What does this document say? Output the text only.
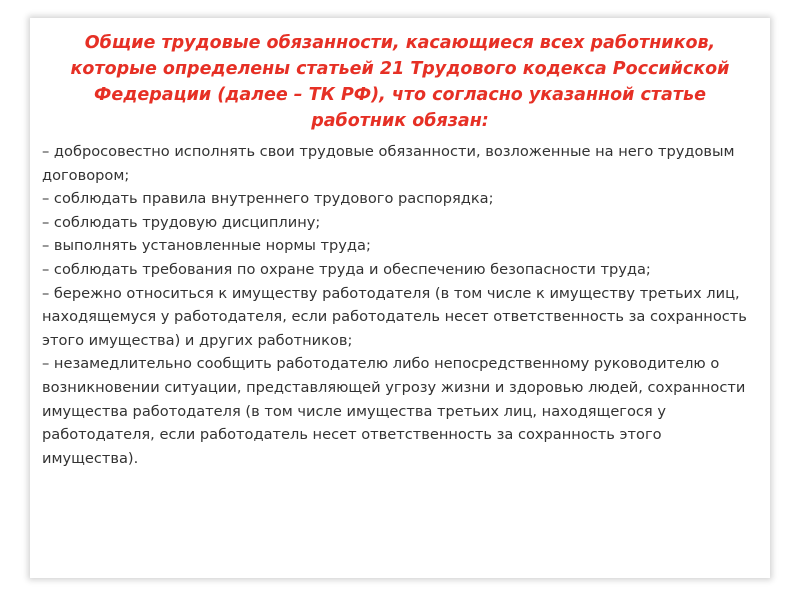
Общие трудовые обязанности, касающиеся всех работников, которые определены статьей 21 Трудового кодекса Российской Федерации (далее – ТК РФ), что согласно указанной статье работник обязан:
– добросовестно исполнять свои трудовые обязанности, возложенные на него трудовым договором;
– соблюдать правила внутреннего трудового распорядка;
– соблюдать трудовую дисциплину;
– выполнять установленные нормы труда;
– соблюдать требования по охране труда и обеспечению безопасности труда;
– бережно относиться к имуществу работодателя (в том числе к имуществу третьих лиц, находящемуся у работодателя, если работодатель несет ответственность за сохранность этого имущества) и других работников;
– незамедлительно сообщить работодателю либо непосредственному руководителю о возникновении ситуации, представляющей угрозу жизни и здоровью людей, сохранности имущества работодателя (в том числе имущества третьих лиц, находящегося у работодателя, если работодатель несет ответственность за сохранность этого имущества).
